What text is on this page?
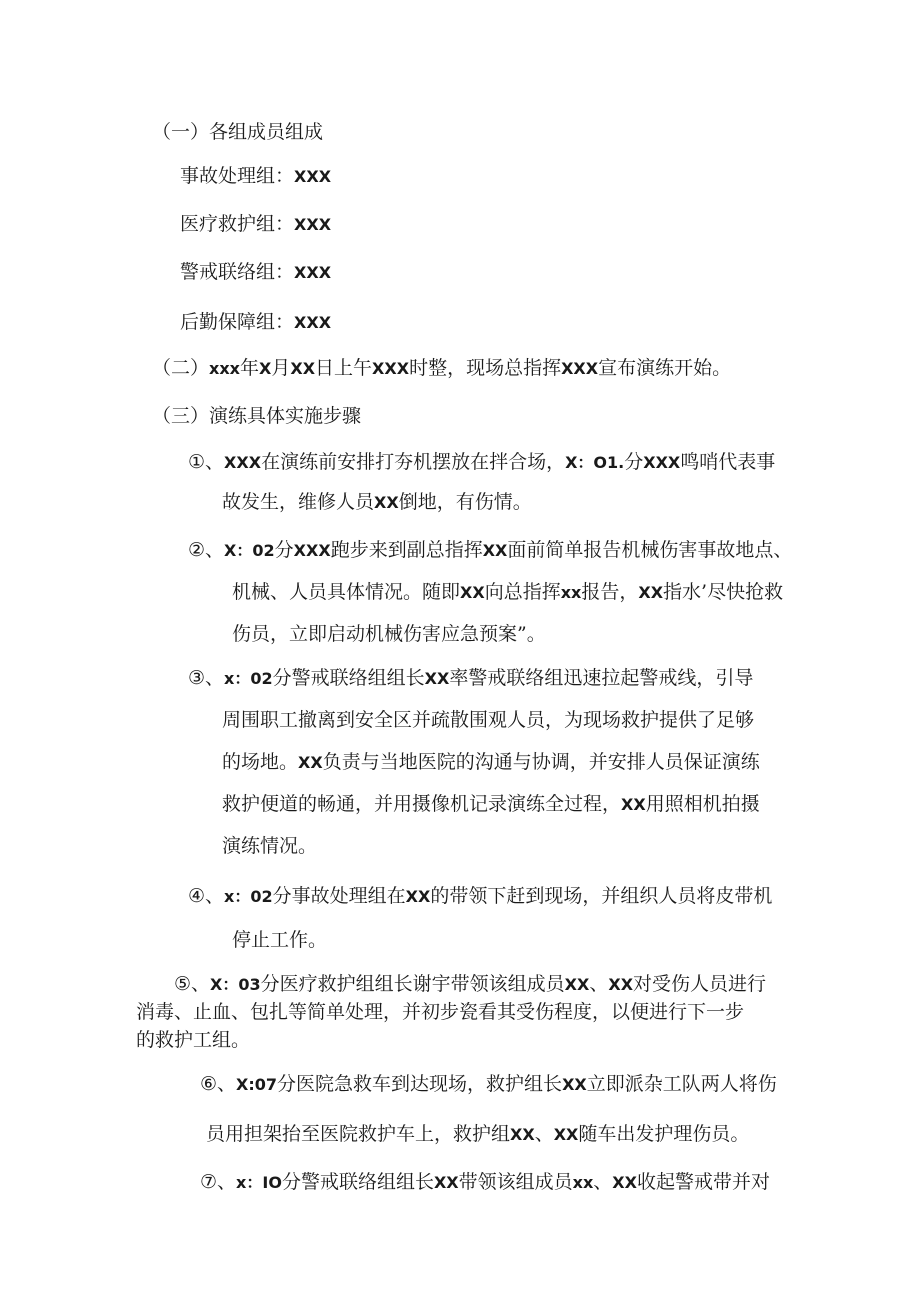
（一）各组成员组成
事故处理组：XXX
医疗救护组：XXX
警戒联络组：XXX
后勤保障组：XXX
（二）xxx年X月XX日上午XXX时整，现场总指挥XXX宣布演练开始。
（三）演练具体实施步骤
①、XXX在演练前安排打夯机摆放在拌合场，X：O1.分XXX鸣哨代表事
故发生，维修人员XX倒地，有伤情。
②、X：02分XXX跑步来到副总指挥XX面前简单报告机械伤害事故地点、
机械、人员具体情况。随即XX向总指挥xx报告，XX指水’尽快抢救
伤员，立即启动机械伤害应急预案”。
③、x：02分警戒联络组组长XX率警戒联络组迅速拉起警戒线，引导
周围职工撤离到安全区并疏散围观人员，为现场救护提供了足够
的场地。XX负责与当地医院的沟通与协调，并安排人员保证演练
救护便道的畅通，并用摄像机记录演练全过程，XX用照相机拍摄
演练情况。
④、x：02分事故处理组在XX的带领下赶到现场，并组织人员将皮带机
停止工作。
⑤、X：03分医疗救护组组长谢宇带领该组成员XX、XX对受伤人员进行
消毒、止血、包扎等简单处理，并初步瓷看其受伤程度，以便进行下一步
的救护工组。
⑥、X:07分医院急救车到达现场，救护组长XX立即派杂工队两人将伤
员用担架抬至医院救护车上，救护组XX、XX随车出发护理伤员。
⑦、x：IO分警戒联络组组长XX带领该组成员xx、XX收起警戒带并对
